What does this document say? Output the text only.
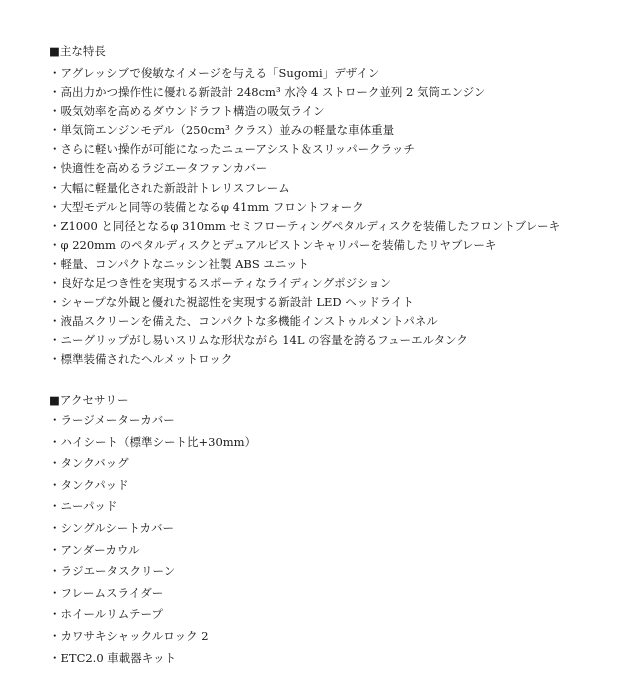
■主な特長
・アグレッシブで俊敏なイメージを与える「Sugomi」デザイン
・高出力かつ操作性に優れる新設計 248cm³ 水冷 4 ストローク並列 2 気筒エンジン
・吸気効率を高めるダウンドラフト構造の吸気ライン
・単気筒エンジンモデル（250cm³ クラス）並みの軽量な車体重量
・さらに軽い操作が可能になったニューアシスト＆スリッパークラッチ
・快適性を高めるラジエータファンカバー
・大幅に軽量化された新設計トレリスフレーム
・大型モデルと同等の装備となるφ 41mm フロントフォーク
・Z1000 と同径となるφ 310mm セミフローティングペタルディスクを装備したフロントブレーキ
・φ 220mm のペタルディスクとデュアルピストンキャリパーを装備したリヤブレーキ
・軽量、コンパクトなニッシン社製 ABS ユニット
・良好な足つき性を実現するスポーティなライディングポジション
・シャープな外観と優れた視認性を実現する新設計 LED ヘッドライト
・液晶スクリーンを備えた、コンパクトな多機能インストゥルメントパネル
・ニーグリップがし易いスリムな形状ながら 14L の容量を誇るフューエルタンク
・標準装備されたヘルメットロック
■アクセサリー
・ラージメーターカバー
・ハイシート（標準シート比+30mm）
・タンクバッグ
・タンクパッド
・ニーパッド
・シングルシートカバー
・アンダーカウル
・ラジエータスクリーン
・フレームスライダー
・ホイールリムテープ
・カワサキシャックルロック 2
・ETC2.0 車載器キット
